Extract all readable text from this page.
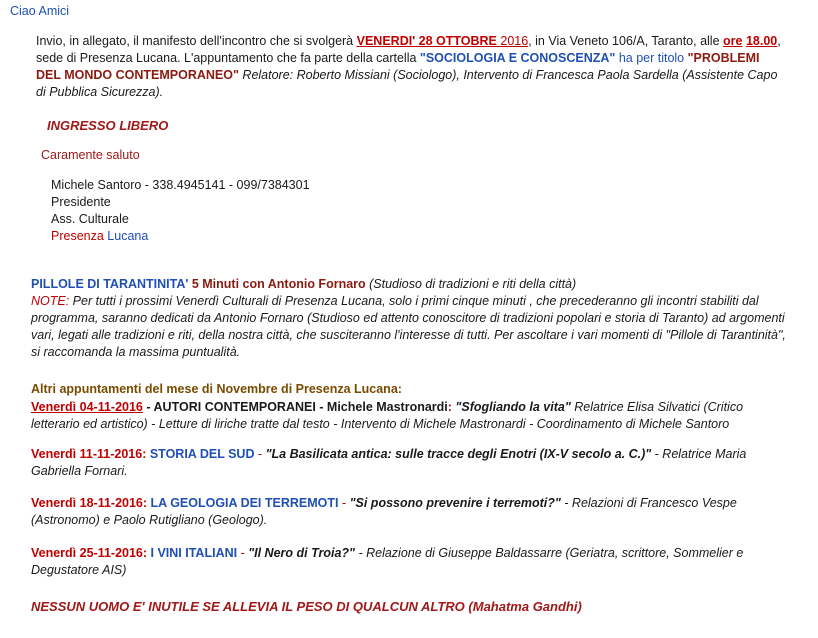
Ciao Amici

Invio, in allegato, il manifesto dell'incontro che si svolgerà VENERDI' 28 OTTOBRE 2016, in Via Veneto 106/A, Taranto, alle ore 18.00, sede di Presenza Lucana. L'appuntamento che fa parte della cartella "SOCIOLOGIA E CONOSCENZA" ha per titolo "PROBLEMI DEL MONDO CONTEMPORANEO" Relatore: Roberto Missiani (Sociologo), Intervento di Francesca Paola Sardella (Assistente Capo di Pubblica Sicurezza).

INGRESSO LIBERO
Caramente saluto
Michele Santoro - 338.4945141 - 099/7384301
Presidente
Ass. Culturale
Presenza Lucana

PILLOLE DI TARANTINITA' 5 Minuti con Antonio Fornaro (Studioso di tradizioni e riti della città)
NOTE: Per tutti i prossimi Venerdì Culturali di Presenza Lucana, solo i primi cinque minuti , che precederanno gli incontri stabiliti dal programma, saranno dedicati da Antonio Fornaro (Studioso ed attento conoscitore di tradizioni popolari e storia di Taranto) ad argomenti vari, legati alle tradizioni e riti, della nostra città, che susciteranno l'interesse di tutti. Per ascoltare i vari momenti di "Pillole di Tarantinità", si raccomanda la massima puntualità.

Altri appuntamenti del mese di Novembre di Presenza Lucana:

Venerdì 04-11-2016 - AUTORI CONTEMPORANEI - Michele Mastronardi: "Sfogliando la vita" Relatrice Elisa Silvatici (Critico letterario ed artistico) - Letture di liriche tratte dal testo - Intervento di Michele Mastronardi - Coordinamento di Michele Santoro

Venerdì 11-11-2016: STORIA DEL SUD - "La Basilicata antica: sulle tracce degli Enotri (IX-V secolo a. C.)" - Relatrice Maria Gabriella Fornari.

Venerdì 18-11-2016: LA GEOLOGIA DEI TERREMOTI - "Si possono prevenire i terremoti?" - Relazioni di Francesco Vespe (Astronomo) e Paolo Rutigliano (Geologo).

Venerdì 25-11-2016: I VINI ITALIANI - "Il Nero di Troia?" - Relazione di Giuseppe Baldassarre (Geriatra, scrittore, Sommelier e Degustatore AIS)

NESSUN UOMO E' INUTILE SE ALLEVIA IL PESO DI QUALCUN ALTRO (Mahatma Gandhi)
